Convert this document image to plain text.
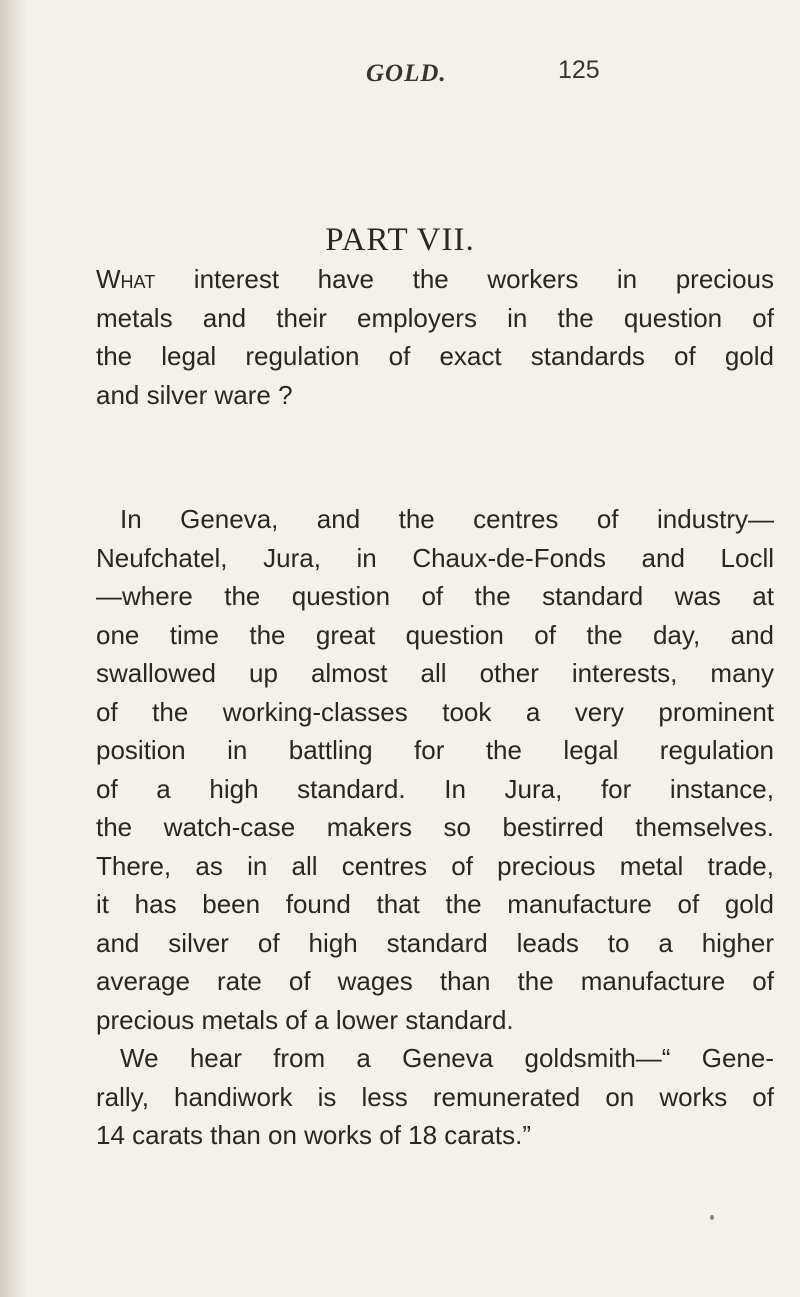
GOLD.	125
PART VII.
What interest have the workers in precious
metals and their employers in the question of
the legal regulation of exact standards of gold
and silver ware ?
In Geneva, and the centres of industry—
Neufchatel, Jura, in Chaux-de-Fonds and Locll
—where the question of the standard was at
one time the great question of the day, and
swallowed up almost all other interests, many
of the working-classes took a very prominent
position in battling for the legal regulation
of a high standard. In Jura, for instance,
the watch-case makers so bestirred themselves.
There, as in all centres of precious metal trade,
it has been found that the manufacture of gold
and silver of high standard leads to a higher
average rate of wages than the manufacture of
precious metals of a lower standard.
We hear from a Geneva goldsmith—“ Gene-
rally, handiwork is less remunerated on works of
14 carats than on works of 18 carats.”
